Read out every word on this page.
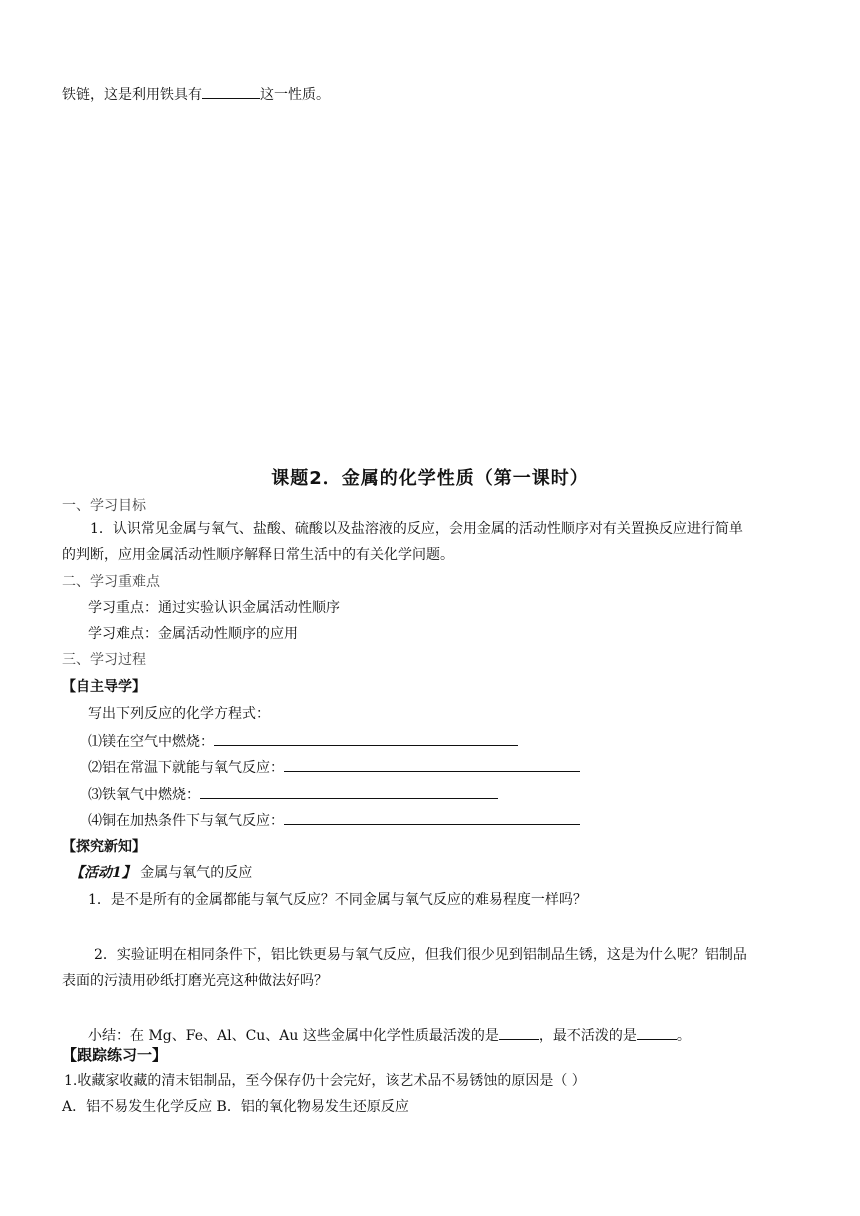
铁链，这是利用铁具有	这一性质。
课题2．金属的化学性质（第一课时）
一、学习目标
1．认识常见金属与氧气、盐酸、硫酸以及盐溶液的反应，会用金属的活动性顺序对有关置换反应进行简单
的判断，应用金属活动性顺序解释日常生活中的有关化学问题。
二、学习重难点
学习重点：通过实验认识金属活动性顺序
学习难点：金属活动性顺序的应用
三、学习过程
【自主导学】
写出下列反应的化学方程式：
⑴镁在空气中燃烧：
⑵铝在常温下就能与氧气反应：
⑶铁氧气中燃烧：
⑷铜在加热条件下与氧气反应：
【探究新知】
【活动1】 金属与氧气的反应
1．是不是所有的金属都能与氧气反应？不同金属与氧气反应的难易程度一样吗？
2．实验证明在相同条件下，铝比铁更易与氧气反应，但我们很少见到铝制品生锈，这是为什么呢？铝制品
表面的污渍用砂纸打磨光亮这种做法好吗？
小结：在 Mg、Fe、Al、Cu、Au 这些金属中化学性质最活泼的是	，最不活泼的是	。
【跟踪练习一】
1.收藏家收藏的清末铝制品，至今保存仍十会完好，该艺术品不易锈蚀的原因是（ ）
A．铝不易发生化学反应 B．铝的氧化物易发生还原反应
